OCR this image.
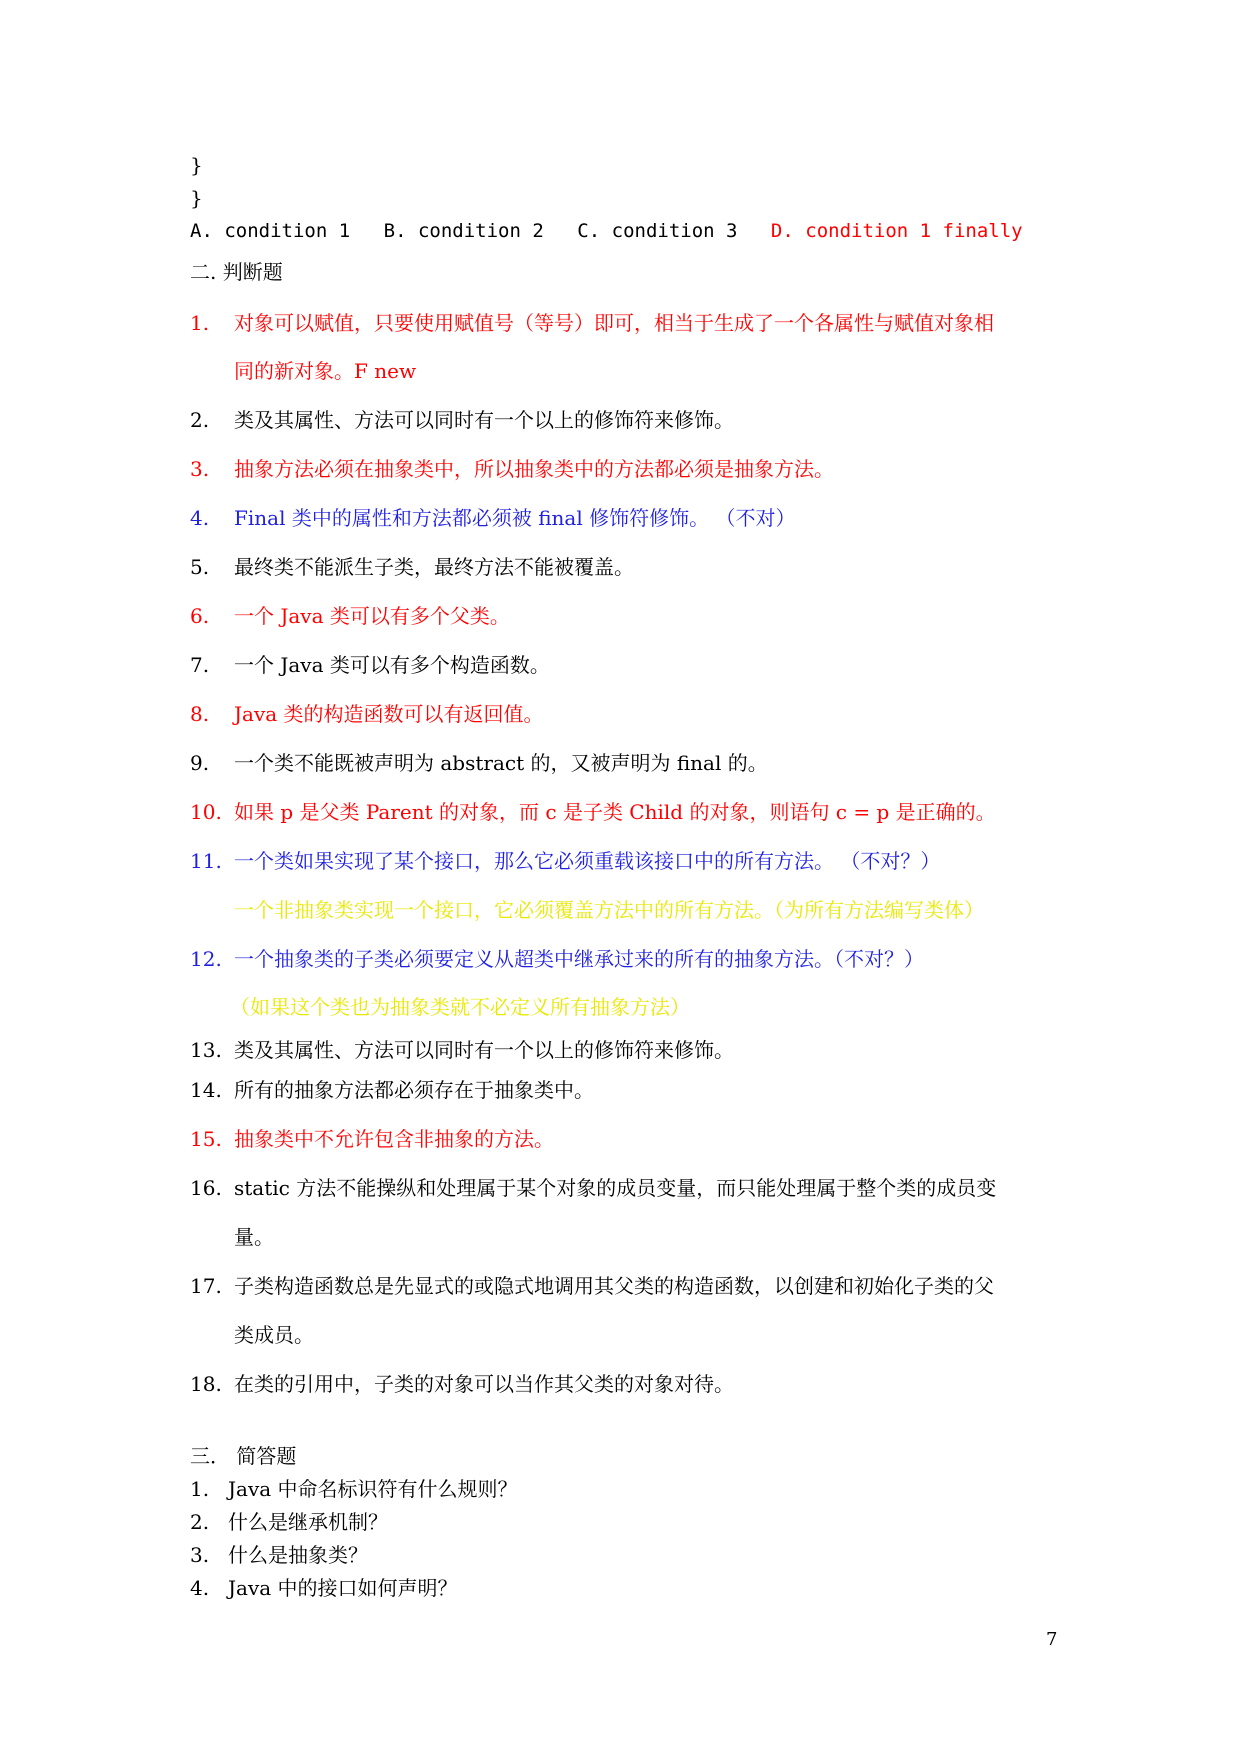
}
}
A. condition 1 B. condition 2 C. condition 3 D. condition 1 finally
二. 判断题
1. 对象可以赋值，只要使用赋值号（等号）即可，相当于生成了一个各属性与赋值对象相
同的新对象。F new
2. 类及其属性、方法可以同时有一个以上的修饰符来修饰。
3. 抽象方法必须在抽象类中，所以抽象类中的方法都必须是抽象方法。
4. Final 类中的属性和方法都必须被 final 修饰符修饰。 （不对）
5. 最终类不能派生子类，最终方法不能被覆盖。
6. 一个 Java 类可以有多个父类。
7. 一个 Java 类可以有多个构造函数。
8. Java 类的构造函数可以有返回值。
9. 一个类不能既被声明为 abstract 的，又被声明为 final 的。
10. 如果 p 是父类 Parent 的对象，而 c 是子类 Child 的对象，则语句 c = p 是正确的。
11. 一个类如果实现了某个接口，那么它必须重载该接口中的所有方法。 （不对？）
一个非抽象类实现一个接口，它必须覆盖方法中的所有方法。（为所有方法编写类体）
12. 一个抽象类的子类必须要定义从超类中继承过来的所有的抽象方法。（不对？）
（如果这个类也为抽象类就不必定义所有抽象方法）
13. 类及其属性、方法可以同时有一个以上的修饰符来修饰。
14. 所有的抽象方法都必须存在于抽象类中。
15. 抽象类中不允许包含非抽象的方法。
16. static 方法不能操纵和处理属于某个对象的成员变量，而只能处理属于整个类的成员变
量。
17. 子类构造函数总是先显式的或隐式地调用其父类的构造函数，以创建和初始化子类的父
类成员。
18. 在类的引用中，子类的对象可以当作其父类的对象对待。
三． 简答题
1. Java 中命名标识符有什么规则？
2. 什么是继承机制？
3. 什么是抽象类？
4. Java 中的接口如何声明？
7
